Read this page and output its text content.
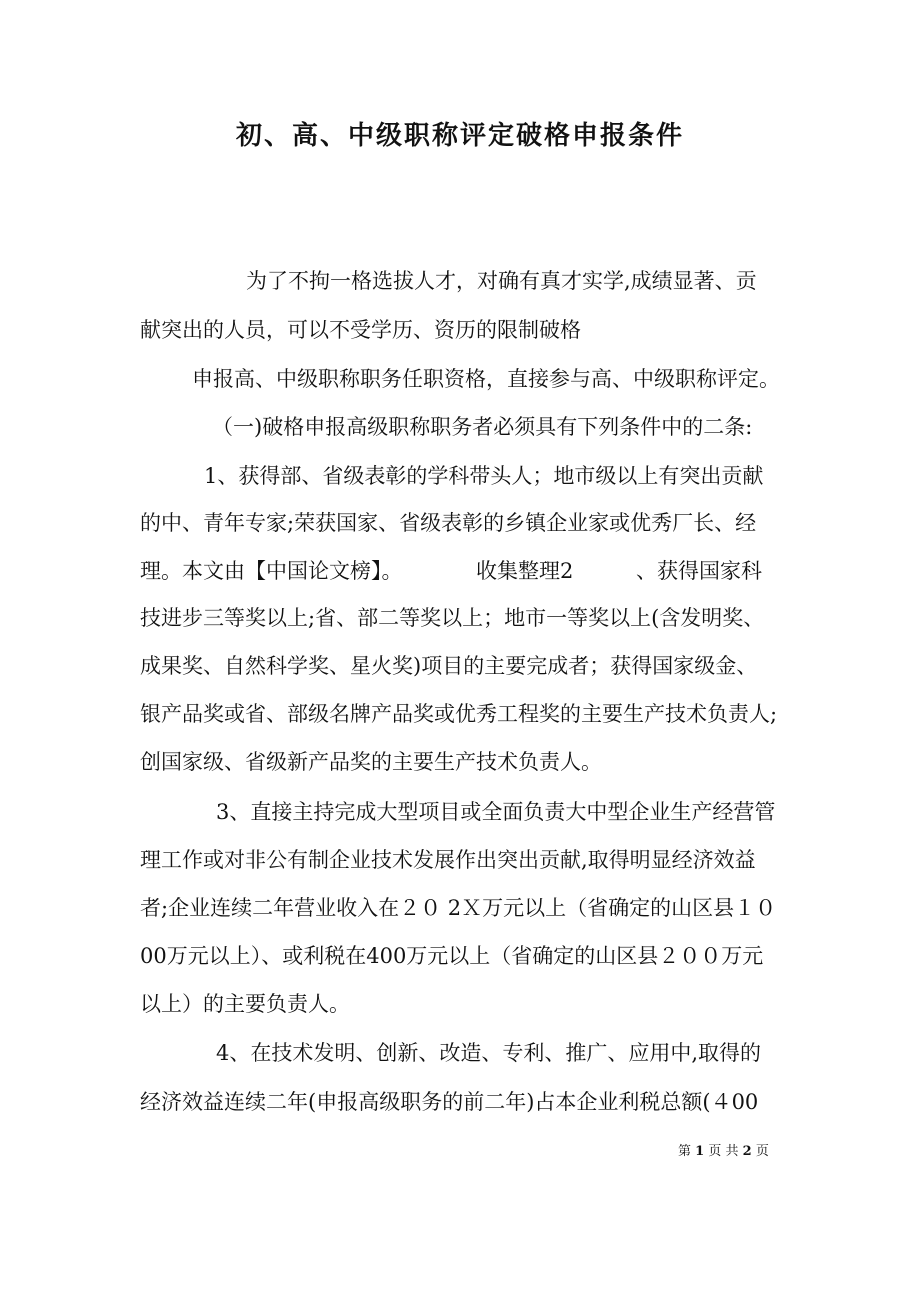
初、高、中级职称评定破格申报条件
为了不拘一格选拔人才，对确有真才实学,成绩显著、贡
献突出的人员，可以不受学历、资历的限制破格
申报高、中级职称职务任职资格，直接参与高、中级职称评定。
（一)破格申报高级职称职务者必须具有下列条件中的二条:
1、获得部、省级表彰的学科带头人；地市级以上有突出贡献
的中、青年专家;荣获国家、省级表彰的乡镇企业家或优秀厂长、经
理。本文由【中国论文榜】。	收集整理2	、获得国家科
技进步三等奖以上;省、部二等奖以上；地市一等奖以上(含发明奖、
成果奖、自然科学奖、星火奖)项目的主要完成者；获得国家级金、
银产品奖或省、部级名牌产品奖或优秀工程奖的主要生产技术负责人;
创国家级、省级新产品奖的主要生产技术负责人。
3、直接主持完成大型项目或全面负责大中型企业生产经营管
理工作或对非公有制企业技术发展作出突出贡献,取得明显经济效益
者;企业连续二年营业收入在２０ 2Ｘ万元以上（省确定的山区县１０
00万元以上）、或利税在400万元以上（省确定的山区县２００万元
以上）的主要负责人。
4、在技术发明、创新、改造、专利、推广、应用中,取得的
经济效益连续二年(申报高级职务的前二年)占本企业利税总额(４00
第 1 页 共 2 页
